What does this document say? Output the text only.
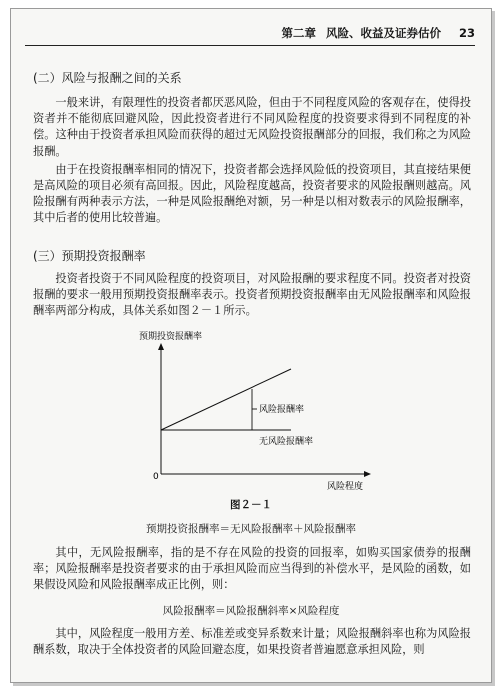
第二章 风险、收益及证券估价 23
(二）风险与报酬之间的关系

一般来讲，有限理性的投资者都厌恶风险，但由于不同程度风险的客观存在，使得投资者并不能彻底回避风险，因此投资者进行不同风险程度的投资要求得到不同程度的补偿。这种由于投资者承担风险而获得的超过无风险投资报酬部分的回报，我们称之为风险报酬。

由于在投资报酬率相同的情况下，投资者都会选择风险低的投资项目，其直接结果便是高风险的项目必须有高回报。因此，风险程度越高，投资者要求的风险报酬则越高。风险报酬有两种表示方法，一种是风险报酬绝对额，另一种是以相对数表示的风险报酬率，其中后者的使用比较普遍。

(三）预期投资报酬率

投资者投资于不同风险程度的投资项目，对风险报酬的要求程度不同。投资者对投资报酬的要求一般用预期投资报酬率表示。投资者预期投资报酬率由无风险报酬率和风险报酬率两部分构成，具体关系如图２－１所示。

预期投资报酬率
0
风险程度
风险报酬率
无风险报酬率
图２－１
预期投资报酬率＝无风险报酬率＋风险报酬率

其中，无风险报酬率，指的是不存在风险的投资的回报率，如购买国家债券的报酬率；风险报酬率是投资者要求的由于承担风险而应当得到的补偿水平，是风险的函数，如果假设风险和风险报酬率成正比例，则：

风险报酬率＝风险报酬斜率×风险程度

其中，风险程度一般用方差、标准差或变异系数来计量；风险报酬斜率也称为风险报酬系数，取决于全体投资者的风险回避态度，如果投资者普遍愿意承担风险，则
